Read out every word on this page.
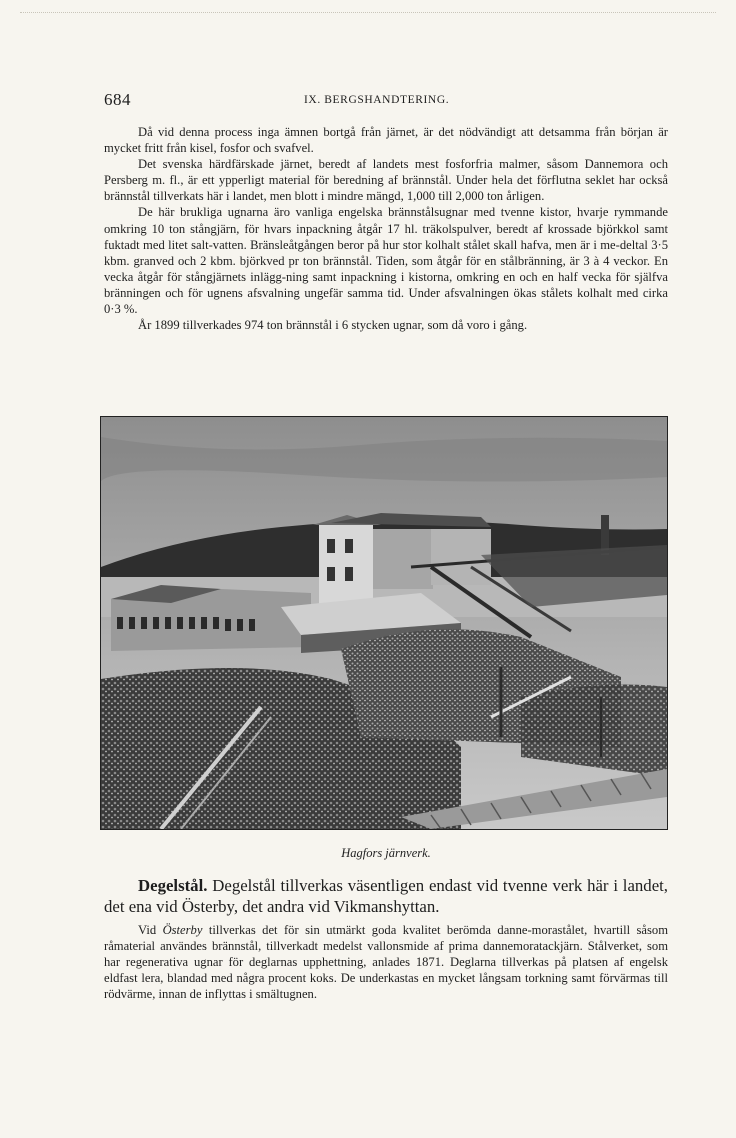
684	IX. BERGSHANDTERING.

Då vid denna process inga ämnen bortgå från järnet, är det nödvändigt att detsamma från början är mycket fritt från kisel, fosfor och svafvel.

Det svenska härdfärskade järnet, beredt af landets mest fosforfria malmer, såsom Dannemora och Persberg m. fl., är ett ypperligt material för beredning af brännstål. Under hela det förflutna seklet har också brännstål tillverkats här i landet, men blott i mindre mängd, 1,000 till 2,000 ton årligen.

De här brukliga ugnarna äro vanliga engelska brännstålsugnar med tvenne kistor, hvarje rymmande omkring 10 ton stångjärn, för hvars inpackning åtgår 17 hl. träkolspulver, beredt af krossade björkkol samt fuktadt med litet salt-vatten. Bränsleåtgången beror på hur stor kolhalt stålet skall hafva, men är i me-deltal 3·5 kbm. granved och 2 kbm. björkved pr ton brännstål. Tiden, som åtgår för en stålbränning, är 3 à 4 veckor. En vecka åtgår för stångjärnets inlägg-ning samt inpackning i kistorna, omkring en och en half vecka för själfva bränningen och för ugnens afsvalning ungefär samma tid. Under afsvalningen ökas stålets kolhalt med cirka 0·3 %.

År 1899 tillverkades 974 ton brännstål i 6 stycken ugnar, som då voro i gång.

Hagfors järnverk.

Degelstål. Degelstål tillverkas väsentligen endast vid tvenne verk här i landet, det ena vid Österby, det andra vid Vikmanshyttan.

Vid Österby tillverkas det för sin utmärkt goda kvalitet berömda danne-morastålet, hvartill såsom råmaterial användes brännstål, tillverkadt medelst vallonsmide af prima dannemoratackjärn. Stålverket, som har regenerativa ugnar för deglarnas upphettning, anlades 1871. Deglarna tillverkas på platsen af engelsk eldfast lera, blandad med några procent koks. De underkastas en mycket långsam torkning samt förvärmas till rödvärme, innan de inflyttas i smältugnen.
